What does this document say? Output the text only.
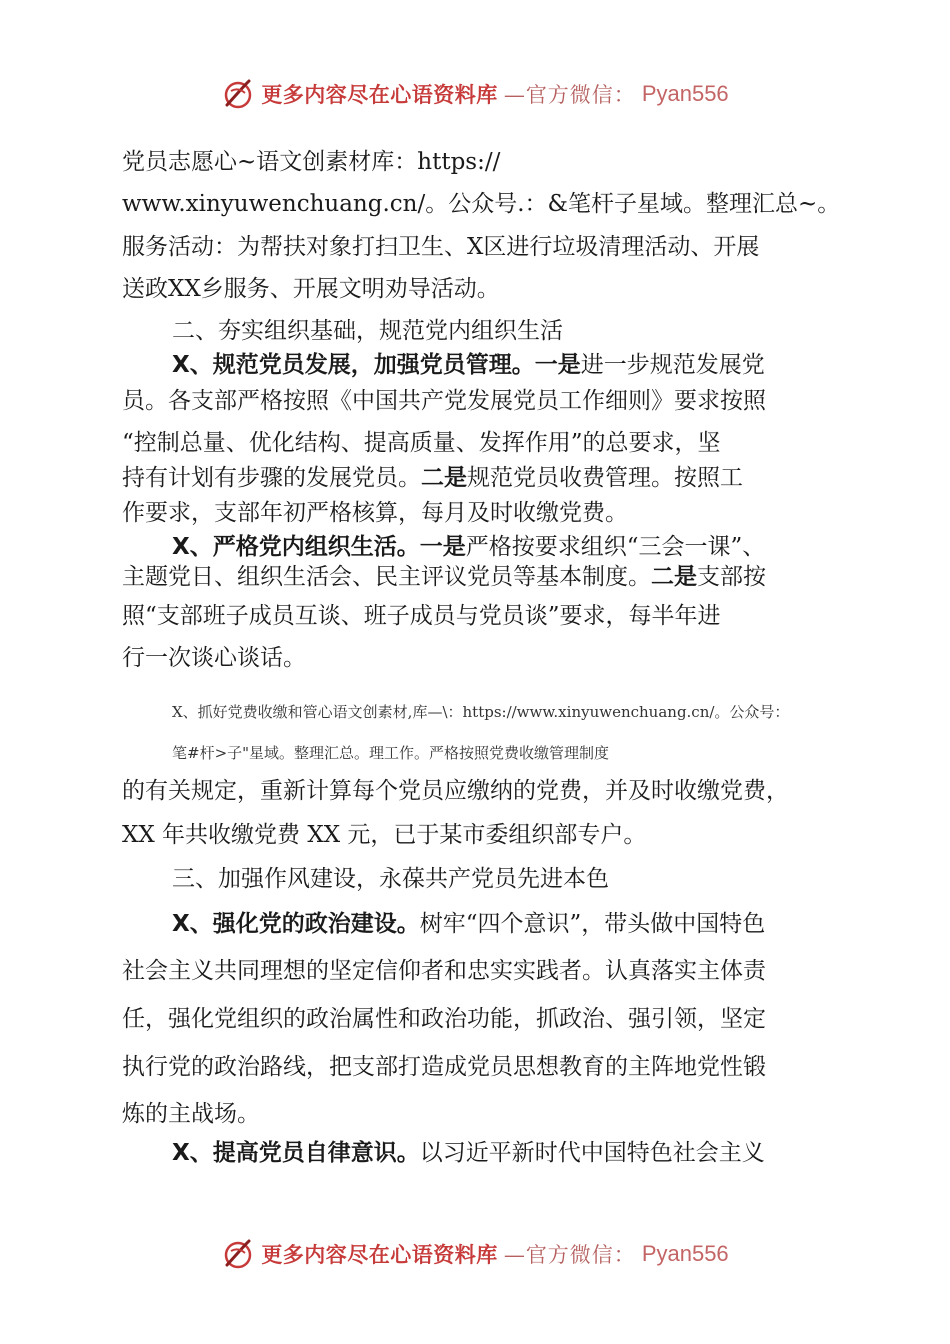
更多内容尽在心语资料库 —官方微信： Pyan556
党员志愿心~语文创素材库：https://
www.xinyuwenchuang.cn/。公众号.：&笔杆子星域。整理汇总~。
服务活动：为帮扶对象打扫卫生、X区进行垃圾清理活动、开展
送政XX乡服务、开展文明劝导活动。
二、夯实组织基础，规范党内组织生活
X、规范党员发展，加强党员管理。一是进一步规范发展党
员。各支部严格按照《中国共产党发展党员工作细则》要求按照
“控制总量、优化结构、提高质量、发挥作用”的总要求，坚
持有计划有步骤的发展党员。二是规范党员收费管理。按照工
作要求，支部年初严格核算，每月及时收缴党费。
X、严格党内组织生活。一是严格按要求组织“三会一课”、
主题党日、组织生活会、民主评议党员等基本制度。二是支部按
照“支部班子成员互谈、班子成员与党员谈”要求，每半年进
行一次谈心谈话。
X、抓好党费收缴和管心语文创素材,库—\：https://www.xinyuwenchuang.cn/。公众号：
笔#杆>子"星域。整理汇总。理工作。严格按照党费收缴管理制度
的有关规定，重新计算每个党员应缴纳的党费，并及时收缴党费，
XX 年共收缴党费 XX 元，已于某市委组织部专户。
三、加强作风建设，永葆共产党员先进本色
X、强化党的政治建设。树牢“四个意识”，带头做中国特色
社会主义共同理想的坚定信仰者和忠实实践者。认真落实主体责
任，强化党组织的政治属性和政治功能，抓政治、强引领，坚定
执行党的政治路线，把支部打造成党员思想教育的主阵地党性锻
炼的主战场。
X、提高党员自律意识。以习近平新时代中国特色社会主义
更多内容尽在心语资料库 —官方微信： Pyan556
